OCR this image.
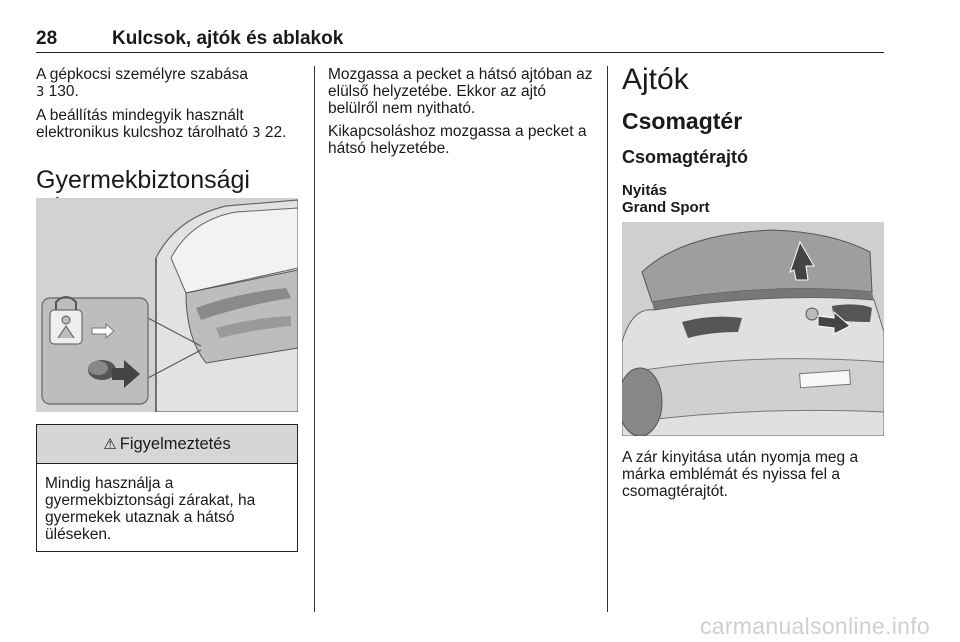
28	Kulcsok, ajtók és ablakok

A gépkocsi személyre szabása
3 130.

A beállítás mindegyik használt elektronikus kulcshoz tárolható 3 22.

Gyermekbiztonsági
⚠ Figyelmeztetés
Mindig használja a gyermekbiztonsági zárakat, ha gyermekek utaznak a hátsó üléseken.

Mozgassa a pecket a hátsó ajtóban az elülső helyzetébe. Ekkor az ajtó belülről nem nyitható.

Kikapcsoláshoz mozgassa a pecket a hátsó helyzetébe.

Ajtók
Csomagtér
Csomagtérajtó

Nyitás

Grand Sport

A zár kinyitása után nyomja meg a márka emblémát és nyissa fel a csomagtérajtót.
carmanualsonline.info
